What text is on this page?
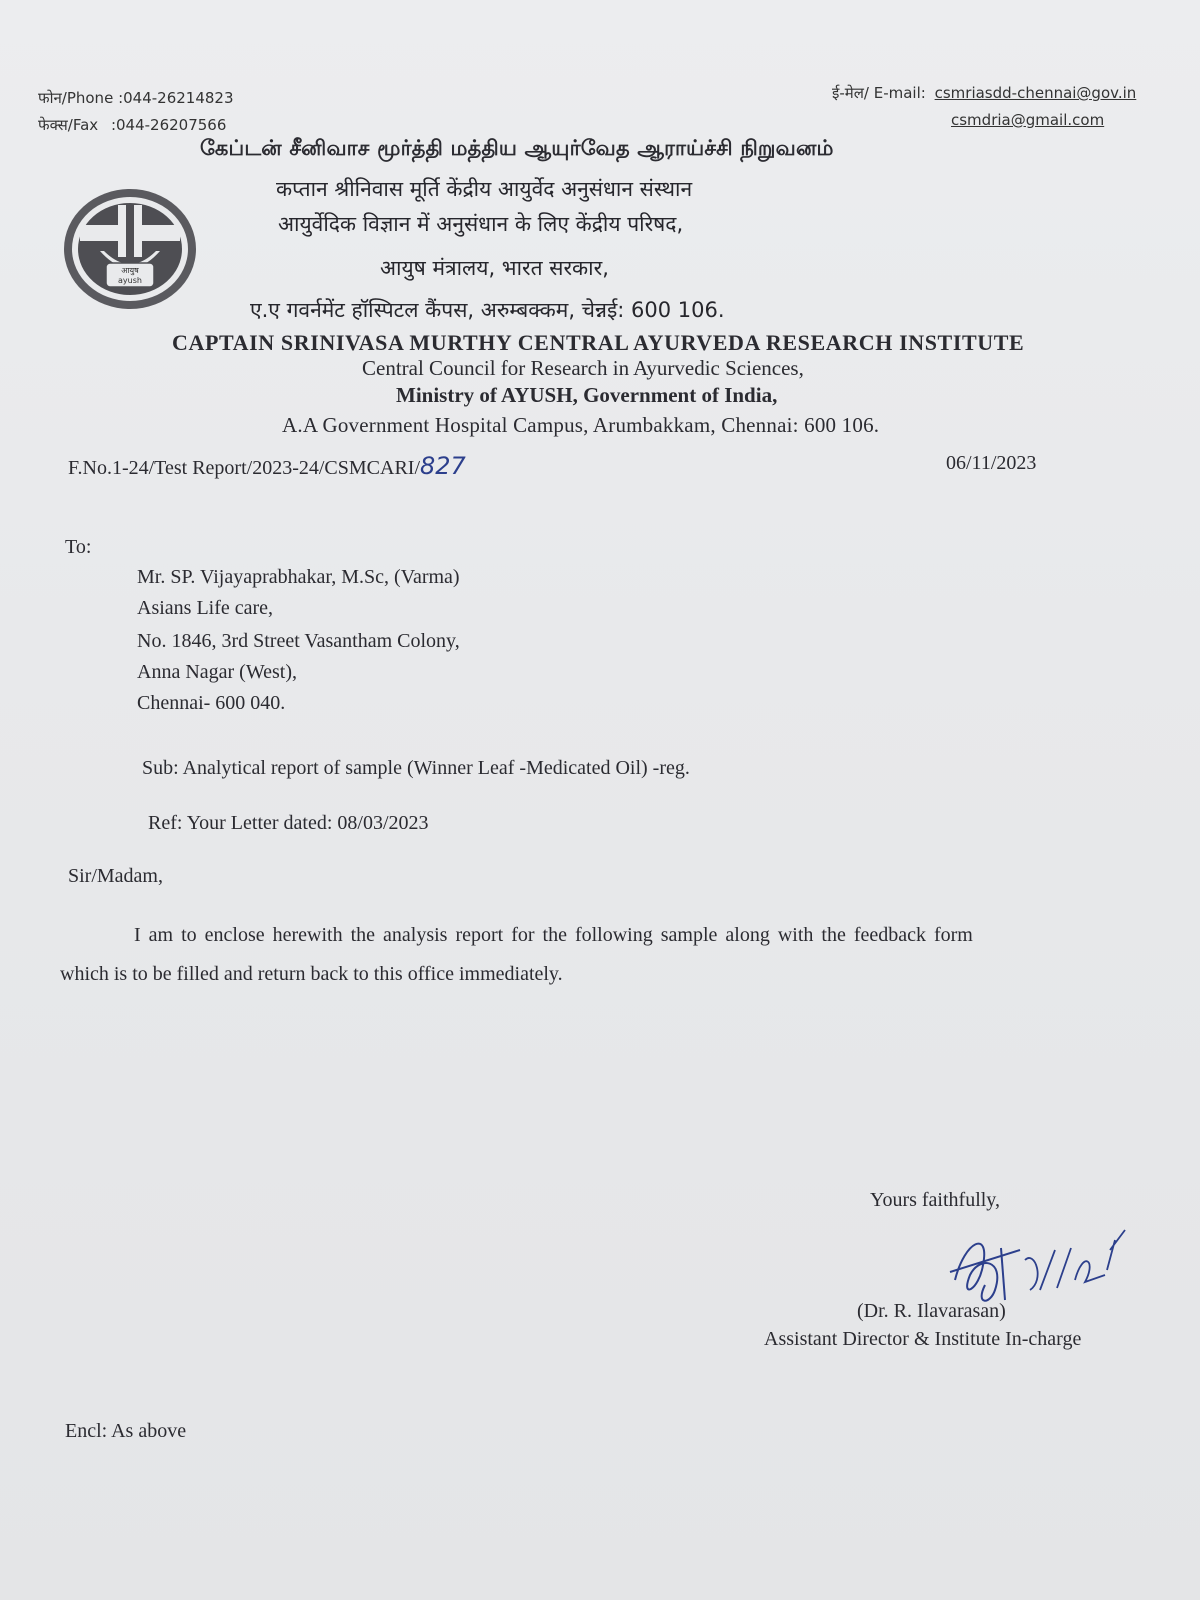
फोन/Phone :044-26214823

फेक्स/Fax :044-26207566

ई-मेल/ E-mail: csmriasdd-chennai@gov.in

csmdria@gmail.com

கேப்டன் சீனிவாச மூர்த்தி மத்திய ஆயுர்வேத ஆராய்ச்சி நிறுவனம்

आयुष
ayush

कप्तान श्रीनिवास मूर्ति केंद्रीय आयुर्वेद अनुसंधान संस्थान

आयुर्वेदिक विज्ञान में अनुसंधान के लिए केंद्रीय परिषद,

आयुष मंत्रालय, भारत सरकार,

ए.ए गवर्नमेंट हॉस्पिटल कैंपस, अरुम्बक्कम, चेन्नई: 600 106.

CAPTAIN SRINIVASA MURTHY CENTRAL AYURVEDA RESEARCH INSTITUTE

Central Council for Research in Ayurvedic Sciences,

Ministry of AYUSH, Government of India,

A.A Government Hospital Campus, Arumbakkam, Chennai: 600 106.

F.No.1-24/Test Report/2023-24/CSMCARI/827	06/11/2023

To:

Mr. SP. Vijayaprabhakar, M.Sc, (Varma)

Asians Life care,

No. 1846, 3rd Street Vasantham Colony,

Anna Nagar (West),

Chennai- 600 040.

Sub: Analytical report of sample (Winner Leaf -Medicated Oil) -reg.

Ref: Your Letter dated: 08/03/2023

Sir/Madam,

I am to enclose herewith the analysis report for the following sample along with the feedback form

which is to be filled and return back to this office immediately.

Yours faithfully,

(Dr. R. Ilavarasan)

Assistant Director & Institute In-charge

Encl: As above
